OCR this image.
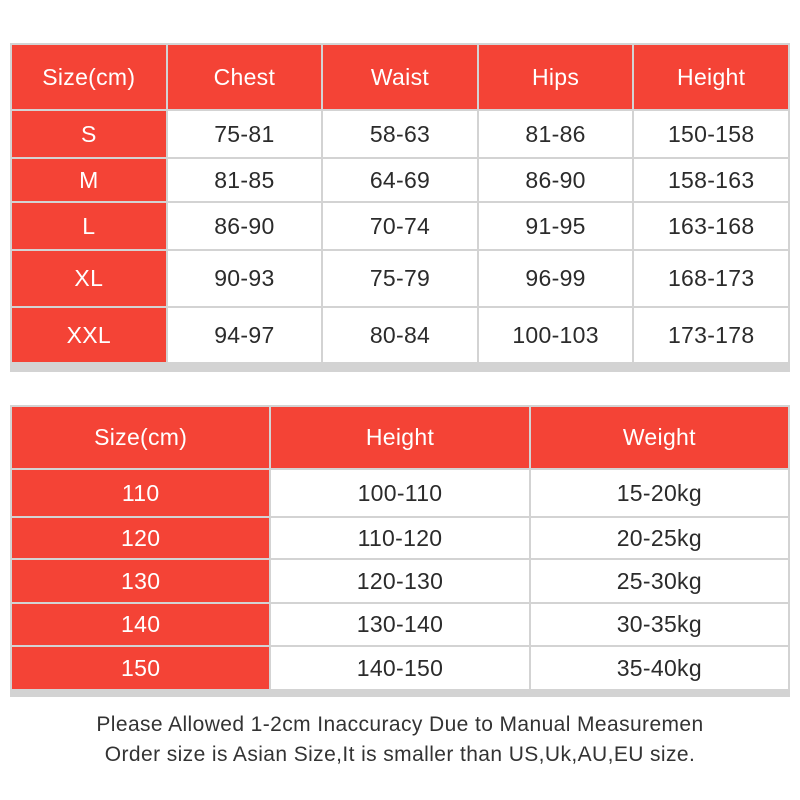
Size(cm)	Chest	Waist	Hips	Height
S	75-81	58-63	81-86	150-158
M	81-85	64-69	86-90	158-163
L	86-90	70-74	91-95	163-168
XL	90-93	75-79	96-99	168-173
XXL	94-97	80-84	100-103	173-178
Size(cm)	Height	Weight
110	100-110	15-20kg
120	110-120	20-25kg
130	120-130	25-30kg
140	130-140	30-35kg
150	140-150	35-40kg
Please Allowed 1-2cm Inaccuracy Due to Manual Measuremen
Order size is Asian Size,It is smaller than US,Uk,AU,EU size.
